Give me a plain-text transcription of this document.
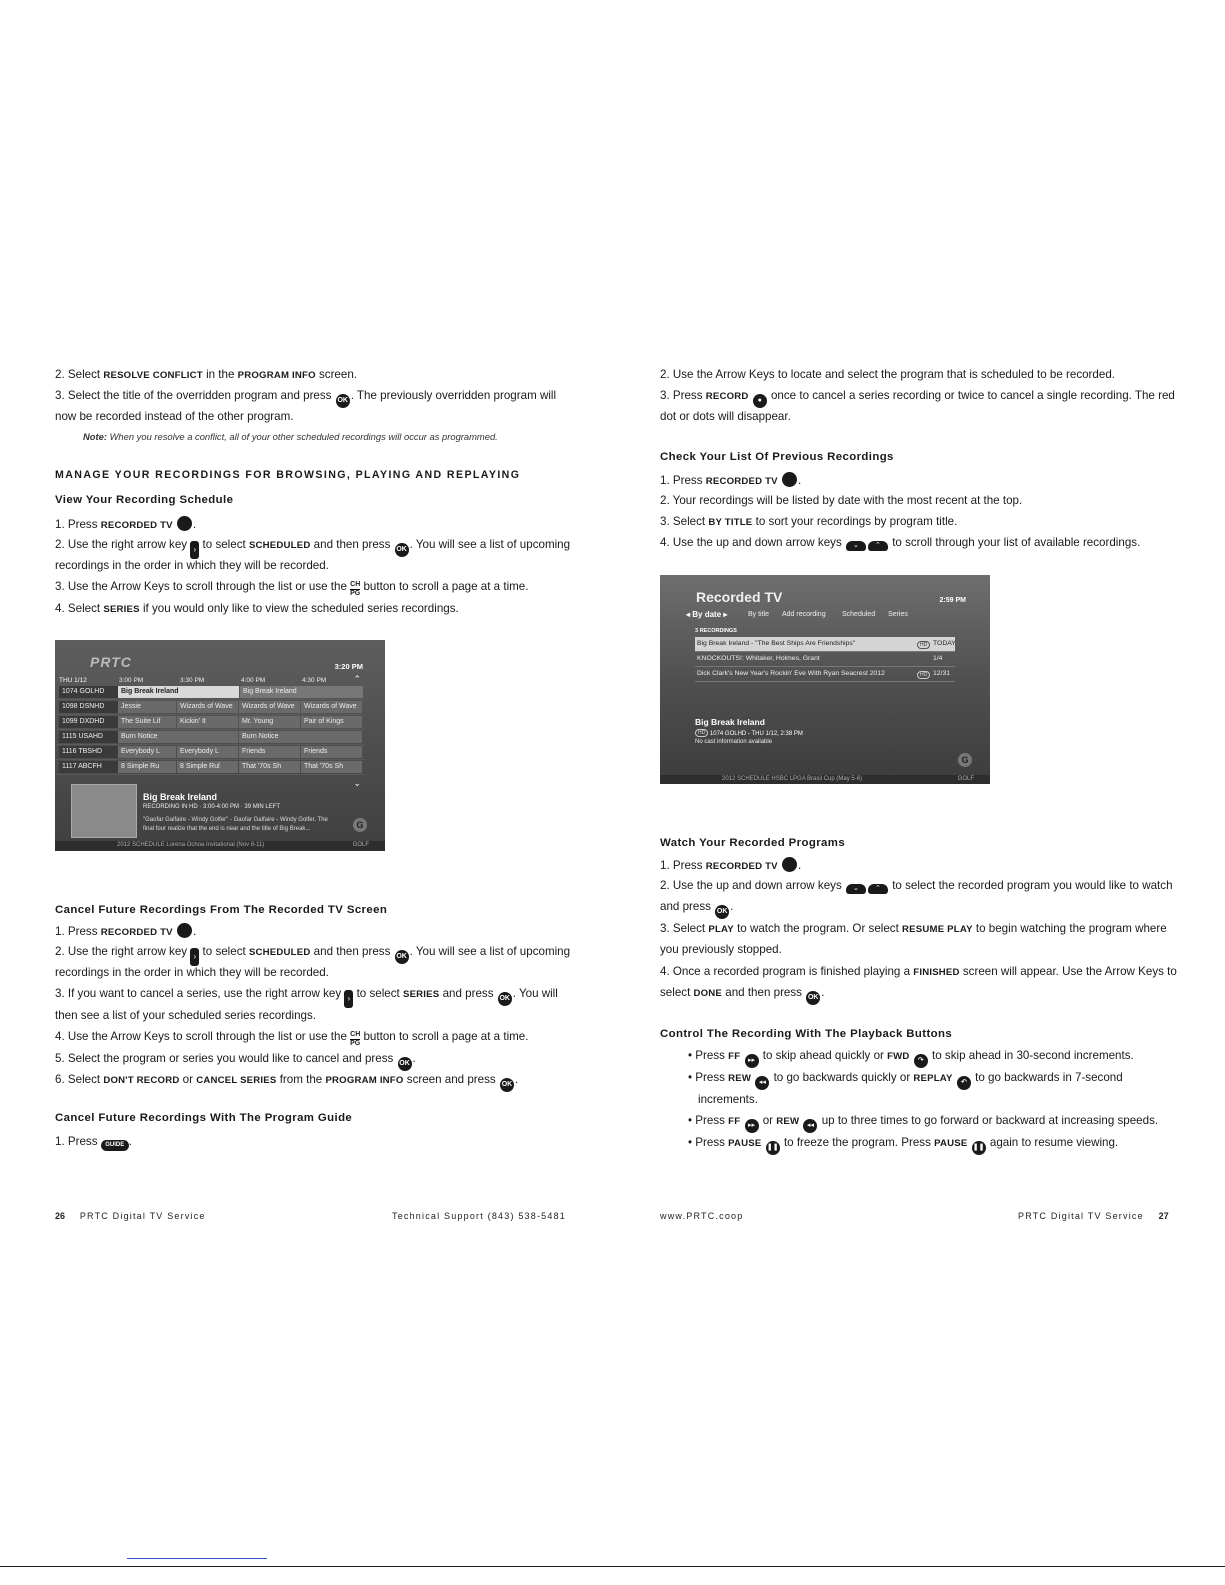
2. Select RESOLVE CONFLICT in the PROGRAM INFO screen.
3. Select the title of the overridden program and press OK . The previously overridden program will
now be recorded instead of the other program.
Note: When you resolve a conflict, all of your other scheduled recordings will occur as programmed.
MANAGE YOUR RECORDINGS FOR BROWSING, PLAYING AND REPLAYING
View Your Recording Schedule
1. Press RECORDED TV .
2. Use the right arrow key › to select SCHEDULED and then press OK . You will see a list of upcoming
recordings in the order in which they will be recorded.
3. Use the Arrow Keys to scroll through the list or use the $\frac{CH}{PG}$ button to scroll a page at a time.
4. Select SERIES if you would only like to view the scheduled series recordings.
PRTC	3:20 PM
THU 1/12	3:00 PM	3:30 PM	4:00 PM	4:30 PM	⌃
1074 GOLHD	Big Break Ireland	Big Break Ireland
1098 DSNHD	Jessie	Wizards of Wave	Wizards of Wave	Wizards of Wave
1099 DXDHD	The Suite Lif	Kickin' It	Mr. Young	Pair of Kings
1115 USAHD	Burn Notice	Burn Notice
1116 TBSHD	Everybody L	Everybody L	Friends	Friends
1117 ABCFH	8 Simple Ru	8 Simple Rul	That '70s Sh	That '70s Sh
⌄
Big Break Ireland
RECORDING IN HD · 3:00-4:00 PM · 39 MIN LEFT
"Gaofar Galfaire - Windy Golfer" - Gaofar Galfaire - Windy Golfer. The
final four realize that the end is near and the title of Big Break...	G
2012 SCHEDULE Lorena Ochoa Invitational (Nov 8-11)	GOLF
Cancel Future Recordings From The Recorded TV Screen
1. Press RECORDED TV .
2. Use the right arrow key › to select SCHEDULED and then press OK . You will see a list of upcoming
recordings in the order in which they will be recorded.
3. If you want to cancel a series, use the right arrow key › to select SERIES and press OK . You will
then see a list of your scheduled series recordings.
4. Use the Arrow Keys to scroll through the list or use the $\frac{CH}{PG}$ button to scroll a page at a time.
5. Select the program or series you would like to cancel and press OK .
6. Select DON'T RECORD or CANCEL SERIES from the PROGRAM INFO screen and press OK .
Cancel Future Recordings With The Program Guide
1. Press GUIDE .
26 PRTC Digital TV Service	Technical Support (843) 538-5481
2. Use the Arrow Keys to locate and select the program that is scheduled to be recorded.
3. Press RECORD ● once to cancel a series recording or twice to cancel a single recording. The red
dot or dots will disappear.
Check Your List Of Previous Recordings
1. Press RECORDED TV .
2. Your recordings will be listed by date with the most recent at the top.
3. Select BY TITLE to sort your recordings by program title.
4. Use the up and down arrow keys ⌄ ⌃ to scroll through your list of available recordings.
Recorded TV	2:59 PM
◂ By date ▸	By title Add recording Scheduled Series
3 RECORDINGS
Big Break Ireland - "The Best Ships Are Friendships"	HD TODAY
KNOCKOUTS!: Whitaker, Holmes, Grant	1/4
Dick Clark's New Year's Rockin' Eve With Ryan Seacrest 2012	HD 12/31
Big Break Ireland
HD 1074 GOLHD - THU 1/12, 2:38 PM
No cast information available
G
2012 SCHEDULE HSBC LPGA Brasil Cup (May 5-6)	GOLF
Watch Your Recorded Programs
1. Press RECORDED TV .
2. Use the up and down arrow keys ⌄ ⌃ to select the recorded program you would like to watch
and press OK .
3. Select PLAY to watch the program. Or select RESUME PLAY to begin watching the program where
you previously stopped.
4. Once a recorded program is finished playing a FINISHED screen will appear. Use the Arrow Keys to
select DONE and then press OK .
Control The Recording With The Playback Buttons
• Press FF ▸▸ to skip ahead quickly or FWD ↷ to skip ahead in 30-second increments.
• Press REW ◂◂ to go backwards quickly or REPLAY ↶ to go backwards in 7-second
increments.
• Press FF ▸▸ or REW ◂◂ up to three times to go forward or backward at increasing speeds.
• Press PAUSE ❚❚ to freeze the program. Press PAUSE ❚❚ again to resume viewing.
www.PRTC.coop	PRTC Digital TV Service 27
